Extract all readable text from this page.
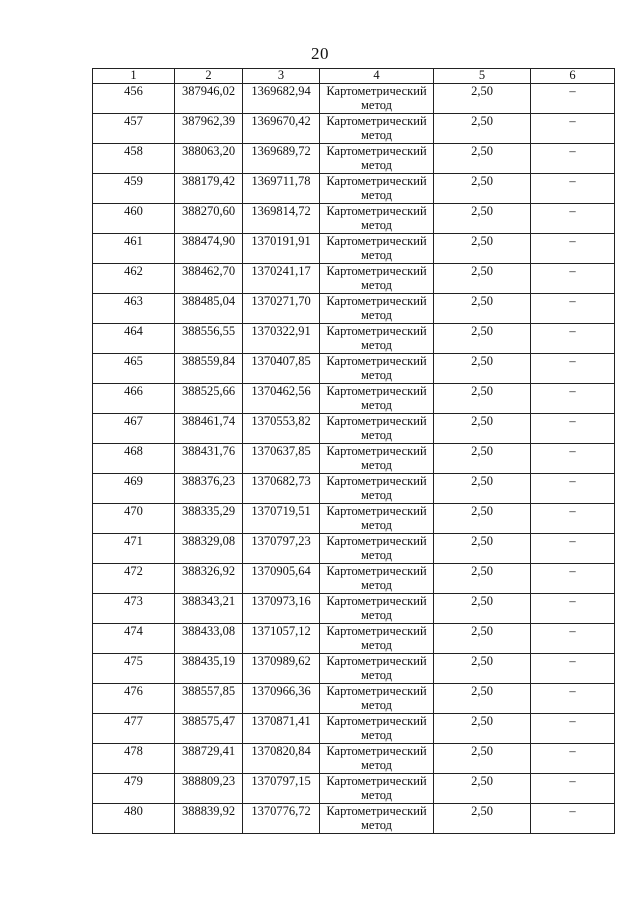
20
1	2	3	4	5	6
456	387946,02	1369682,94	Картометрический метод	2,50	–
457	387962,39	1369670,42	Картометрический метод	2,50	–
458	388063,20	1369689,72	Картометрический метод	2,50	–
459	388179,42	1369711,78	Картометрический метод	2,50	–
460	388270,60	1369814,72	Картометрический метод	2,50	–
461	388474,90	1370191,91	Картометрический метод	2,50	–
462	388462,70	1370241,17	Картометрический метод	2,50	–
463	388485,04	1370271,70	Картометрический метод	2,50	–
464	388556,55	1370322,91	Картометрический метод	2,50	–
465	388559,84	1370407,85	Картометрический метод	2,50	–
466	388525,66	1370462,56	Картометрический метод	2,50	–
467	388461,74	1370553,82	Картометрический метод	2,50	–
468	388431,76	1370637,85	Картометрический метод	2,50	–
469	388376,23	1370682,73	Картометрический метод	2,50	–
470	388335,29	1370719,51	Картометрический метод	2,50	–
471	388329,08	1370797,23	Картометрический метод	2,50	–
472	388326,92	1370905,64	Картометрический метод	2,50	–
473	388343,21	1370973,16	Картометрический метод	2,50	–
474	388433,08	1371057,12	Картометрический метод	2,50	–
475	388435,19	1370989,62	Картометрический метод	2,50	–
476	388557,85	1370966,36	Картометрический метод	2,50	–
477	388575,47	1370871,41	Картометрический метод	2,50	–
478	388729,41	1370820,84	Картометрический метод	2,50	–
479	388809,23	1370797,15	Картометрический метод	2,50	–
480	388839,92	1370776,72	Картометрический метод	2,50	–
